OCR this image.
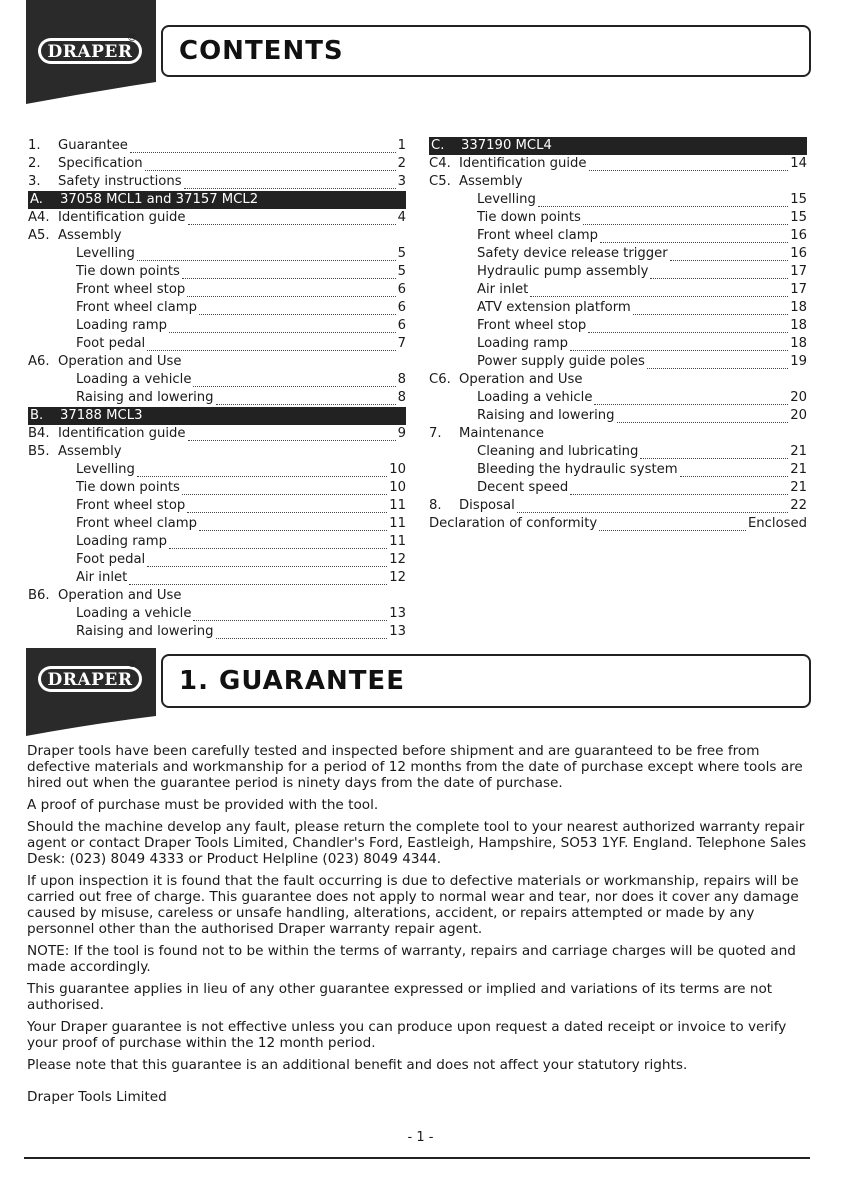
DRAPER
® CONTENTS
1.	Guarantee	1
2.	Specification	2
3.	Safety instructions	3
A.	37058 MCL1 and 37157 MCL2
A4. Identification guide	4
A5. Assembly
Levelling	5
Tie down points	5
Front wheel stop	6
Front wheel clamp	6
Loading ramp	6
Foot pedal	7
A6. Operation and Use
Loading a vehicle	8
Raising and lowering	8
B.	37188 MCL3
B4. Identification guide	9
B5. Assembly
Levelling	10
Tie down points	10
Front wheel stop	11
Front wheel clamp	11
Loading ramp	11
Foot pedal	12
Air inlet	12
B6. Operation and Use
Loading a vehicle	13
Raising and lowering	13
C.	337190 MCL4
C4. Identification guide	14
C5. Assembly
Levelling	15
Tie down points	15
Front wheel clamp	16
Safety device release trigger	16
Hydraulic pump assembly	17
Air inlet	17
ATV extension platform	18
Front wheel stop	18
Loading ramp	18
Power supply guide poles	19
C6. Operation and Use
Loading a vehicle	20
Raising and lowering	20
7.	Maintenance
Cleaning and lubricating	21
Bleeding the hydraulic system	21
Decent speed	21
8.	Disposal	22
Declaration of conformity	Enclosed
DRAPER
®
1. GUARANTEE

Draper tools have been carefully tested and inspected before shipment and are guaranteed to be free from defective materials and workmanship for a period of 12 months from the date of purchase except where tools are hired out when the guarantee period is ninety days from the date of purchase.

A proof of purchase must be provided with the tool.

Should the machine develop any fault, please return the complete tool to your nearest authorized warranty repair agent or contact Draper Tools Limited, Chandler's Ford, Eastleigh, Hampshire, SO53 1YF. England. Telephone Sales Desk: (023) 8049 4333 or Product Helpline (023) 8049 4344.

If upon inspection it is found that the fault occurring is due to defective materials or workmanship, repairs will be carried out free of charge. This guarantee does not apply to normal wear and tear, nor does it cover any damage caused by misuse, careless or unsafe handling, alterations, accident, or repairs attempted or made by any personnel other than the authorised Draper warranty repair agent.

NOTE: If the tool is found not to be within the terms of warranty, repairs and carriage charges will be quoted and made accordingly.

This guarantee applies in lieu of any other guarantee expressed or implied and variations of its terms are not authorised.

Your Draper guarantee is not effective unless you can produce upon request a dated receipt or invoice to verify your proof of purchase within the 12 month period.

Please note that this guarantee is an additional benefit and does not affect your statutory rights.

Draper Tools Limited
- 1 -
